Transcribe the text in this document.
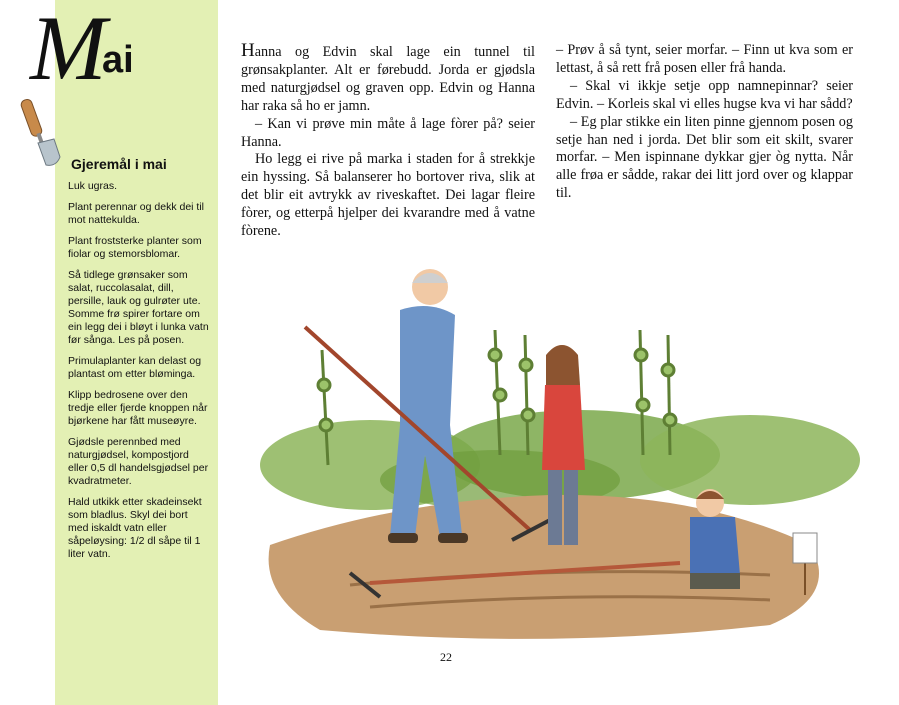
M
ai
Gjeremål i mai

Luk ugras.

Plant perennar og dekk dei til mot nattekulda.

Plant froststerke planter som fiolar og stemorsblomar.

Så tidlege grønsaker som salat, ruccolasalat, dill, persille, lauk og gulrøter ute. Somme frø spirer fortare om ein legg dei i bløyt i lunka vatn før sånga. Les på posen.

Primulaplanter kan delast og plantast om etter bløminga.

Klipp bedrosene over den tredje eller fjerde knoppen når bjørkene har fått museøyre.

Gjødsle perennbed med naturgjødsel, kompostjord eller 0,5 dl handelsgjødsel per kvadratmeter.

Hald utkikk etter skadeinsekt som bladlus. Skyl dei bort med iskaldt vatn eller såpeløysing: 1/2 dl såpe til 1 liter vatn.

Hanna og Edvin skal lage ein tunnel til grønsakplanter. Alt er førebudd. Jorda er gjødsla med naturgjødsel og graven opp. Edvin og Hanna har raka så ho er jamn.

– Kan vi prøve min måte å lage fòrer på? seier Hanna.

Ho legg ei rive på marka i staden for å strekkje ein hyssing. Så balanserer ho bortover riva, slik at det blir eit avtrykk av riveskaftet. Dei lagar fleire fòrer, og etterpå hjelper dei kvarandre med å vatne fòrene.

– Prøv å så tynt, seier morfar. – Finn ut kva som er lettast, å så rett frå posen eller frå handa.

– Skal vi ikkje setje opp namnepinnar? seier Edvin. – Korleis skal vi elles hugse kva vi har sådd?

– Eg plar stikke ein liten pinne gjennom posen og setje han ned i jorda. Det blir som eit skilt, svarer morfar. – Men ispinnane dykkar gjer òg nytta. Når alle frøa er sådde, rakar dei litt jord over og klappar til.

22
